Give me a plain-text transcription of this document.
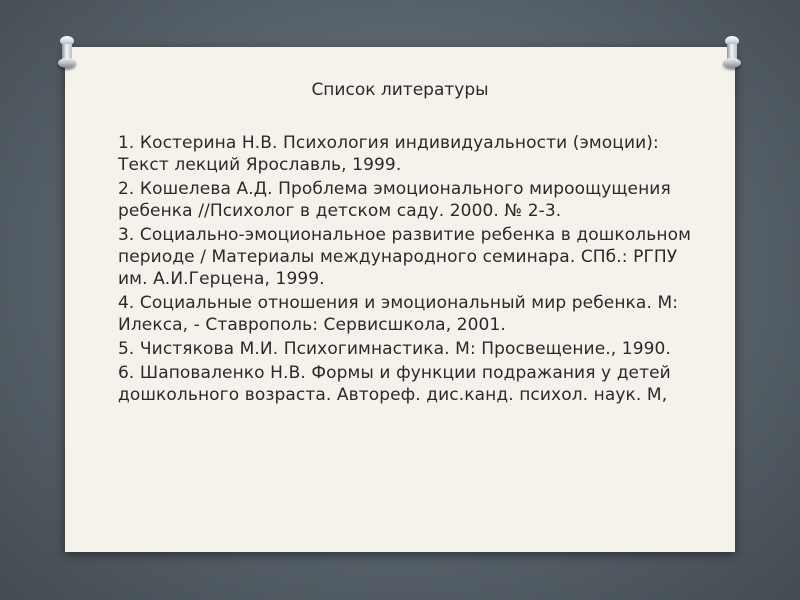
Список литературы
1. Костерина Н.В. Психология индивидуальности (эмоции): Текст лекций Ярославль, 1999.
2. Кошелева А.Д. Проблема эмоционального мироощущения ребенка //Психолог в детском саду. 2000. № 2-3.
3. Социально-эмоциональное развитие ребенка в дошкольном периоде / Материалы международного семинара. СПб.: РГПУ им. А.И.Герцена, 1999.
4. Социальные отношения и эмоциональный мир ребенка. М: Илекса, - Ставрополь: Сервисшкола, 2001.
5. Чистякова М.И. Психогимнастика. М: Просвещение., 1990.
6. Шаповаленко Н.В. Формы и функции подражания у детей дошкольного возраста. Автореф. дис.канд. психол. наук. М,
